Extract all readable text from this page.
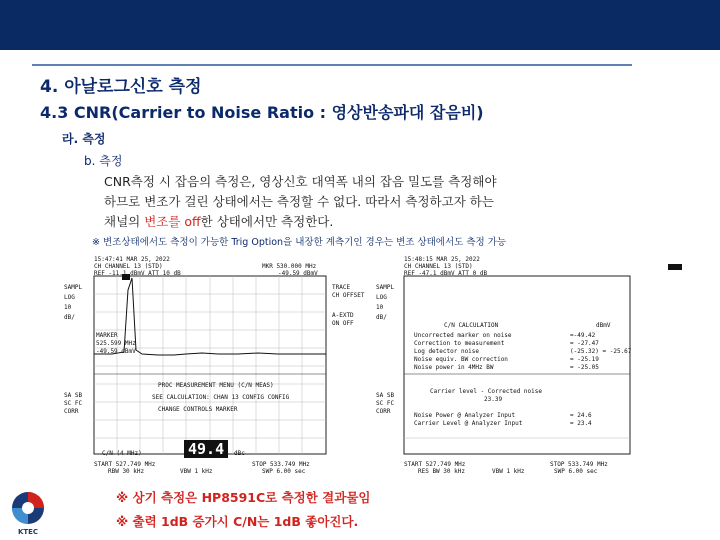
4. 아날로그신호 측정
4.3 CNR(Carrier to Noise Ratio : 영상반송파대 잡음비)
라. 측정
b. 측정
CNR측정 시 잡음의 측정은, 영상신호 대역폭 내의 잡음 밀도를 측정해야
하므로 변조가 걸린 상태에서는 측정할 수 없다. 따라서 측정하고자 하는
채널의 변조를 off한 상태에서만 측정한다.
※ 변조상태에서도 측정이 가능한 Trig Option을 내장한 계측기인 경우는 변조 상태에서도 측정 가능
15:47:41 MAR 25, 2022
CH CHANNEL 13 (STD)
REF -11.1 dBmV ATT 10 dB
MKR 530.000 MHz
-49.59 dBmV
SAMPL
LOG
10
dB/
MARKER
525.599 MHz
-49.59 dBmV
TRACE
CH OFFSET
A-EXTD
ON OFF
SA SB
SC FC
CORR
PROC MEASUREMENT MENU (C/N MEAS)
SEE CALCULATION: CHAN 13 CONFIG CONFIG
CHANGE CONTROLS MARKER
C/N (4 MHz)	49.4	dBc
START 527.749 MHz	STOP 533.749 MHz
RBW 30 kHz	VBW 1 kHz	SWP 6.00 sec
15:48:15 MAR 25, 2022
CH CHANNEL 13 (STD)
REF -47.1 dBmV ATT 0 dB
SAMPL
LOG
10
dB/
C/N CALCULATION	dBmV
Carrier level - Corrected noise
23.39
SA SB
SC FC
CORR
Noise Power @ Analyzer Input	= 24.6
Carrier Level @ Analyzer Input	= 23.4
START 527.749 MHz	STOP 533.749 MHz
RES BW 30 kHz	VBW 1 kHz	SWP 6.00 sec
Uncorrected marker on noise	=-49.42
Correction to measurement	= -27.47
Log detector noise	(-25.32) = -25.67
Noise equiv. BW correction	= -25.19
Noise power in 4MHz BW	= -25.05
※ 상기 측정은 HP8591C로 측정한 결과물임
※ 출력 1dB 증가시 C/N는 1dB 좋아진다.
KTEC
